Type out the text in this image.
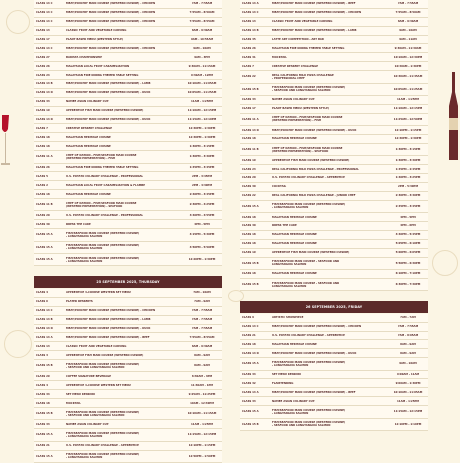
CLASS 14 C	MEAT/POULTRY MAIN COURSE (WESTERN CUISINE) - CHICKEN	7AM - 7:55AM
CLASS 14 C	MEAT/POULTRY MAIN COURSE (WESTERN CUISINE) - CHICKEN	7:55AM - 8:50AM
CLASS 14 C	MEAT/POULTRY MAIN COURSE (WESTERN CUISINE) - CHICKEN	7:55AM - 8:55AM
CLASS 13	CLASSIC FRUIT AND VEGETABLE CARVING	8AM - 9:30AM
CLASS 17	PLANT BASED MENU (WESTERN STYLE)	9AM - 10:55AM
CLASS 14 C	MEAT/POULTRY MAIN COURSE (WESTERN CUISINE) - CHICKEN	9AM - 10AM
CLASS 27	BARISTA CHAMPIONSHIP	9AM - 3PM
CLASS 26	MALAYSIAN LOCAL FRUIT CARAMELIZATION	9:30AM - 11:15AM
CLASS 24	MALAYSIAN FINE DINING THEMED TABLE SETTING	9:30AM - 12PM
CLASS 14 B	MEAT/POULTRY MAIN COURSE (WESTERN CUISINE) - LAMB	10:10AM - 11:05AM
CLASS 14 D	MEAT/POULTRY MAIN COURSE (WESTERN CUISINE) - DUCK	10:05AM - 11:25AM
CLASS 33	NAMEE ASIAN CULINARY CUP	11AM - 1:25PM
CLASS 19	APPRENTICE FISH MAIN COURSE (WESTERN CUISINE)	11:10AM - 12:15PM
CLASS 14 D	MEAT/POULTRY MAIN COURSE (WESTERN CUISINE) - DUCK	11:15AM - 12:10PM
CLASS 7	CREATIVE DESSERT CHALLENGE	12:30PM - 1:30PM
CLASS 18	MALAYSIAN HERITAGE CUISINE	12:30PM - 1:30PM
CLASS 18	MALAYSIAN HERITAGE CUISINE	1:30PM - 3:15PM
CLASS 11 A	CHEF OF NATION - FISH/SEAFOOD MAIN COURSE
(WESTERN PRESENTATION) - FISH	1:30PM - 3:30PM
CLASS 26	MALAYSIAN FINE DINING THEMED TABLE SETTING	1:45PM - 3:45PM
CLASS 5	U.S. POTATO CULINARY CHALLENGE - PROFESSIONAL	2PM - 3:45PM
CLASS 2	MALAYSIAN LOCAL FRUIT CARAMELIZATION & FLAMBE	2PM - 4:30PM
CLASS 18	MALAYSIAN HERITAGE CUISINE	2:40PM - 3:45PM
CLASS 11 B	CHEF OF NATION - FISH/SEAFOOD MAIN COURSE
(WESTERN PRESENTATION) - SEAFOOD	2:30PM - 4:25PM
CLASS 20	U.S. POTATO CULINARY CHALLENGE - PROFESSIONAL	3:40PM - 4:55PM
CLASS 30	DRESS THE CAKE	4PM - 5PM
CLASS 15 A	FISH/SEAFOOD MAIN COURSE (WESTERN CUISINE)
- LONGYANGXIA SALMON	4:15PM - 5:30PM
CLASS 15 A	FISH/SEAFOOD MAIN COURSE (WESTERN CUISINE)
- LONGYANGXIA SALMON	4:50PM - 5:50PM
CLASS 15 A	FISH/SEAFOOD MAIN COURSE (WESTERN CUISINE)
- LONGYANGXIA SALMON	12:20PM - 1:30PM
25 SEPTEMBER 2025, THURSDAY
CLASS 4	APPRENTICE 4-COURSE WESTERN SET MENU	7AM - 10AM
CLASS 6	PLATED DESSERTS	7AM - 9AM
CLASS 14 C	MEAT/POULTRY MAIN COURSE (WESTERN CUISINE) - CHICKEN	7AM - 7:55AM
CLASS 14 B	MEAT/POULTRY MAIN COURSE (WESTERN CUISINE) - LAMB	7AM - 7:55AM
CLASS 14 D	MEAT/POULTRY MAIN COURSE (WESTERN CUISINE) - DUCK	7AM - 7:55AM
CLASS 14 A	MEAT/POULTRY MAIN COURSE (WESTERN CUISINE) - BEEF	7:55AM - 8:55AM
CLASS 13	CLASSIC FRUIT AND VEGETABLE CARVING	8AM - 9:30AM
CLASS 3	APPRENTICE FISH MAIN COURSE (WESTERN CUISINE)	8AM - 9AM
CLASS 15 B	FISH/SEAFOOD MAIN COURSE (WESTERN CUISINE)
- SEAFOOD AND LONGYANGXIA SALMON	8AM - 9AM
CLASS 29	COFFEE SIGNATURE BEVERAGE	8:30AM - 4PM
CLASS 4	APPRENTICE 4-COURSE WESTERN SET MENU	11:30AM - 1PM
CLASS 34	SET MENU KENDURI	9:25AM - 11:25PM
CLASS 18	MOCKTAIL	10AM - 12:30PM
CLASS 15 B	FISH/SEAFOOD MAIN COURSE (WESTERN CUISINE)
- SEAFOOD AND LONGYANGXIA SALMON	10:10AM - 11:15AM
CLASS 33	NAMEE ASIAN CULINARY CUP	11AM - 1:25PM
CLASS 15 A	FISH/SEAFOOD MAIN COURSE (WESTERN CUISINE)
- LONGYANGXIA SALMON	11:15AM - 12:15PM
CLASS 21	U.S. POTATO CULINARY CHALLENGE - APPRENTICE	12:10PM - 1:15PM
CLASS 15 A	FISH/SEAFOOD MAIN COURSE (WESTERN CUISINE)
- LONGYANGXIA SALMON	12:50PM - 1:50PM
CLASS 14 A	MEAT/POULTRY MAIN COURSE (WESTERN CUISINE) - BEEF	7AM - 7:55AM
CLASS 14 C	MEAT/POULTRY MAIN COURSE (WESTERN CUISINE) - CHICKEN	7:55AM - 8:50AM
CLASS 13	CLASSIC FRUIT AND VEGETABLE CARVING	8AM - 9:30AM
CLASS 14 B	MEAT/POULTRY MAIN COURSE (WESTERN CUISINE) - LAMB	9AM - 10AM
CLASS 35	LATTE ART COMPETITION - ART BAR	9AM - 11AM
CLASS 26	MALAYSIAN FINE DINING THEMED TABLE SETTING	9:30AM - 11:30AM
CLASS 31	MOCKTAIL	10:10AM - 12:30PM
CLASS 7	CREATIVE DESSERT CHALLENGE	10:30AM - 1:30PM
CLASS 22	REAL CALIFORNIA MILK PIZZA CHALLENGE
- PROFESSIONAL CHEF	10:30AM - 11:45AM
CLASS 15 B	FISH/SEAFOOD MAIN COURSE (WESTERN CUISINE)
- SEAFOOD AND LONGYANGXIA SALMON	10:05AM - 11:25AM
CLASS 33	NAMEE ASIAN CULINARY CUP	11AM - 1:25PM
CLASS 17	PLANT BASED MENU (WESTERN STYLE)	11:10AM - 12:15PM
CLASS 11 A	CHEF OF NATION - FISH/SEAFOOD MAIN COURSE
(WESTERN PRESENTATION) - FISH	11:25AM - 12:50PM
CLASS 14 D	MEAT/POULTRY MAIN COURSE (WESTERN CUISINE) - DUCK	12:10PM - 1:15PM
CLASS 18	MALAYSIAN HERITAGE CUISINE	12:30PM - 1:30PM
CLASS 11 B	CHEF OF NATION - FISH/SEAFOOD MAIN COURSE
(WESTERN PRESENTATION) - SEAFOOD	1:30PM - 3:15PM
CLASS 19	APPRENTICE FISH MAIN COURSE (WESTERN CUISINE)	1:30PM - 3:30PM
CLASS 23	REAL CALIFORNIA MILK PIZZA CHALLENGE - PROFESSIONAL	1:45PM - 2:45PM
CLASS 20	U.S. POTATO CULINARY CHALLENGE - APPRENTICE	1:40PM - 3:25PM
CLASS 30	COCKTAIL	2PM - 5:30PM
CLASS 22	REAL CALIFORNIA MILK PIZZA CHALLENGE - JUNIOR CHEF	2:30PM - 3:30PM
CLASS 15 A	FISH/SEAFOOD MAIN COURSE (WESTERN CUISINE)
- LONGYANGXIA SALMON	2:45PM - 3:45PM
CLASS 18	MALAYSIAN HERITAGE CUISINE	4PM - 5PM
CLASS 30	DRESS THE CAKE	4PM - 6PM
CLASS 18	MALAYSIAN HERITAGE CUISINE	4:40PM - 5:45PM
CLASS 18	MALAYSIAN HERITAGE CUISINE	5:05PM - 6:10PM
CLASS 19	APPRENTICE FISH MAIN COURSE (WESTERN CUISINE)	5:00PM - 6:05PM
CLASS 15 B	FISH/SEAFOOD MAIN COURSE - SEAFOOD AND
LONGYANGXIA SALMON	5:50PM - 6:30PM
CLASS 18	MALAYSIAN HERITAGE CUISINE	6:10PM - 7:10PM
CLASS 15 B	FISH/SEAFOOD MAIN COURSE - SEAFOOD AND
LONGYANGXIA SALMON	6:30PM - 7:30PM
26 SEPTEMBER 2025, FRIDAY
CLASS 9	ARTISTIC SHOWPIECE	7AM - 7AM
CLASS 14 C	MEAT/POULTRY MAIN COURSE (WESTERN CUISINE) - CHICKEN	7AM - 7:55AM
CLASS 21	U.S. POTATO CULINARY CHALLENGE - APPRENTICE	7AM - 8:05AM
CLASS 18	MALAYSIAN HERITAGE CUISINE	8AM - 9AM
CLASS 14 D	MEAT/POULTRY MAIN COURSE (WESTERN CUISINE) - DUCK	8AM - 9AM
CLASS 15 A	FISH/SEAFOOD MAIN COURSE (WESTERN CUISINE)
- LONGYANGXIA SALMON	9AM - 10AM
CLASS 34	SET MENU KENDURI	9:00AM - 11AM
CLASS 32	FLAIRTENDING	9:00AM - 1:30PM
CLASS 14 A	MEAT/POULTRY MAIN COURSE (WESTERN CUISINE) - BEEF	10:10AM - 11:05AM
CLASS 33	NAMEE ASIAN CULINARY CUP	11AM - 1:25PM
CLASS 15 A	FISH/SEAFOOD MAIN COURSE (WESTERN CUISINE)
- LONGYANGXIA SALMON	11:15AM - 12:15PM
CLASS 15 B	FISH/SEAFOOD MAIN COURSE (WESTERN CUISINE)
- SEAFOOD AND LONGYANGXIA SALMON	12:10PM - 1:10PM
